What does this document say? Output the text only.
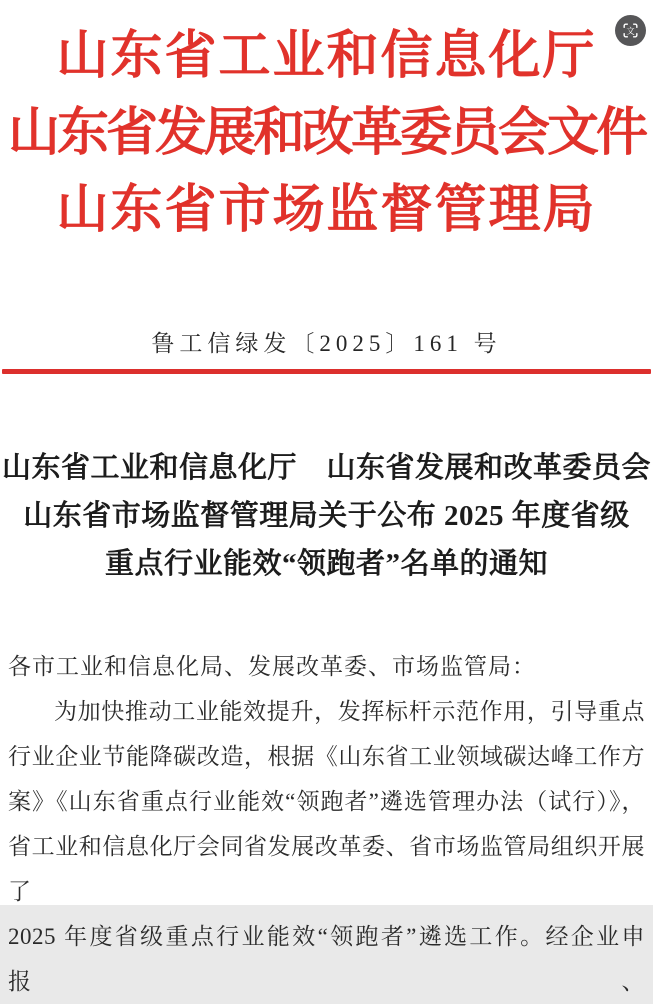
文
山东省工业和信息化厅
山东省发展和改革委员会文件
山东省市场监督管理局
鲁工信绿发〔2025〕161 号
山东省工业和信息化厅　山东省发展和改革委员会
山东省市场监督管理局关于公布 2025 年度省级
重点行业能效“领跑者”名单的通知
各市工业和信息化局、发展改革委、市场监管局：
为加快推动工业能效提升，发挥标杆示范作用，引导重点
行业企业节能降碳改造，根据《山东省工业领域碳达峰工作方
案》《山东省重点行业能效“领跑者”遴选管理办法（试行）》，
省工业和信息化厅会同省发展改革委、省市场监管局组织开展了
2025 年度省级重点行业能效“领跑者”遴选工作。经企业申报、
